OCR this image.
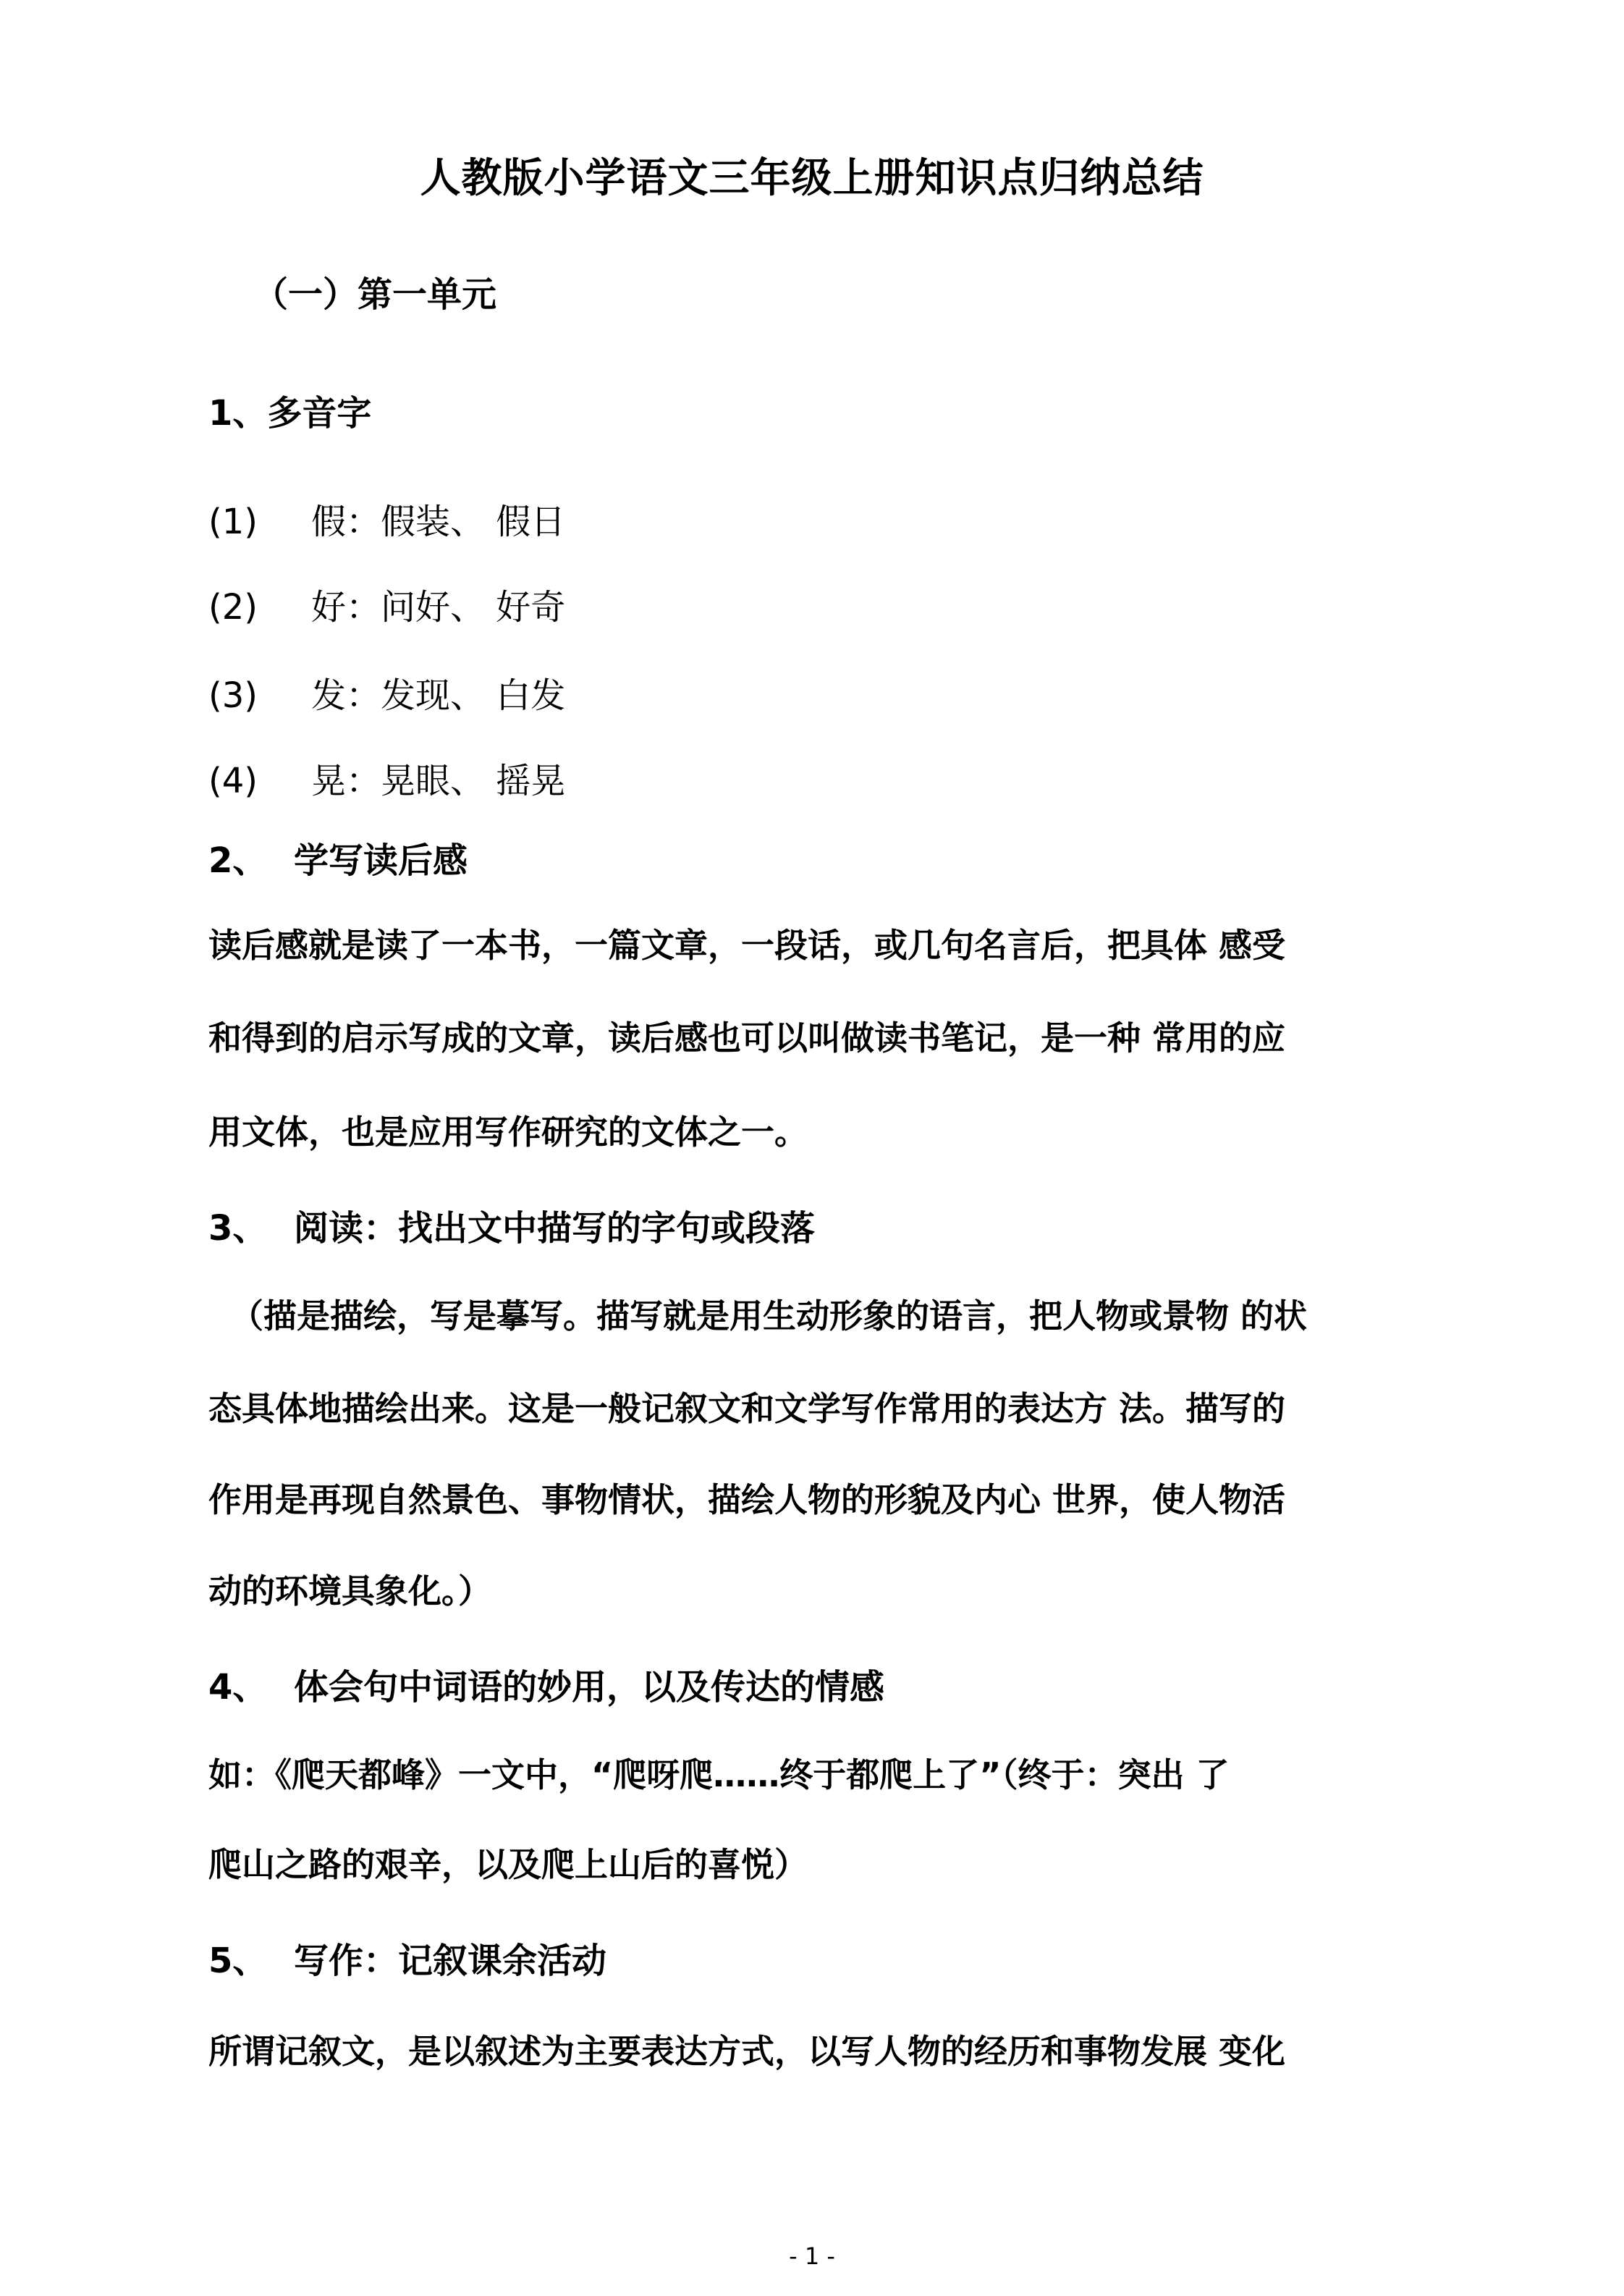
人教版小学语文三年级上册知识点归纳总结
（一）第一单元
1、多音字
(1) 假：假装、 假日
(2) 好：问好、 好奇
(3) 发：发现、 白发
(4) 晃：晃眼、 摇晃
2、 学写读后感
读后感就是读了一本书，一篇文章，一段话，或几句名言后，把具体 感受
和得到的启示写成的文章，读后感也可以叫做读书笔记，是一种 常用的应
用文体，也是应用写作研究的文体之一。
3、 阅读：找出文中描写的字句或段落
（描是描绘，写是摹写。描写就是用生动形象的语言，把人物或景物 的状
态具体地描绘出来。这是一般记叙文和文学写作常用的表达方 法。描写的
作用是再现自然景色、事物情状，描绘人物的形貌及内心 世界，使人物活
动的环境具象化。）
4、 体会句中词语的妙用，以及传达的情感
如：《爬天都峰》一文中，“爬呀爬……终于都爬上了”（终于：突出 了
爬山之路的艰辛，以及爬上山后的喜悦）
5、 写作：记叙课余活动
所谓记叙文，是以叙述为主要表达方式，以写人物的经历和事物发展 变化
- 1 -
